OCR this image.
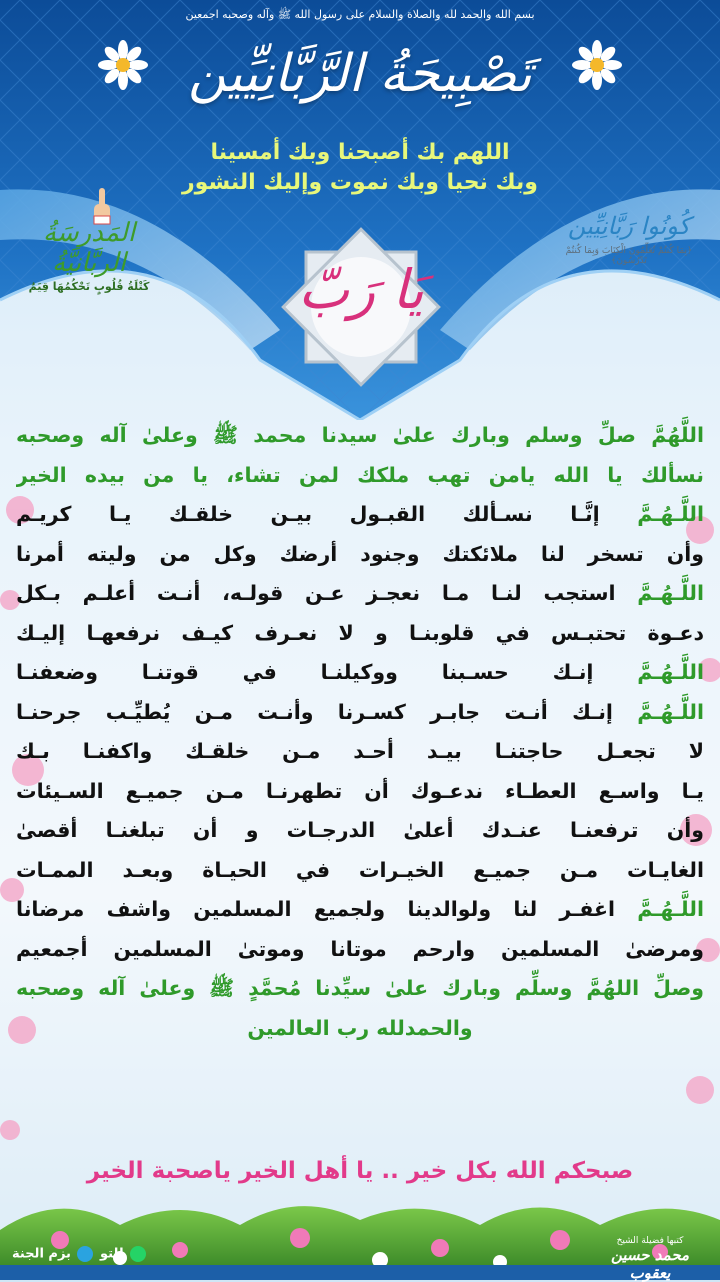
بسم الله والحمد لله والصلاة والسلام على رسول الله ﷺ وآله وصحبه اجمعين
تَصْبِيحَةُ الرَّبَّانِيِّين
اللهم بك أصبحنا وبك أمسينا
وبك نحيا وبك نموت وإليك النشور
المَدرسَةُ الربَّانيَّةُ
كَتْلَةُ قُلُوبٍ تَحْكُمُهَا قِيَمٌ
كُونُوا رَبَّانِيِّين
﴿بِمَا كُنتُمْ تُعَلِّمُونَ الْكِتَابَ وَبِمَا كُنتُمْ تَدْرُسُونَ﴾
يَا رَبّ
اللَّهُمَّ صلِّ وسلم وبارك علىٰ سيدنا محمد ﷺ وعلىٰ آله وصحبه
نسألك يا الله يامن تهب ملكك لمن تشاء، يا من بيده الخير
اللَّـهُـمَّ إنَّـا نسـألك القبـول بيـن خلقـك يـا كريـم
وأن تسخر لنا ملائكتك وجنود أرضك وكل من وليته أمرنا
اللَّـهُـمَّ استجب لنـا مـا نعجـز عـن قولـه، أنـت أعلـم بـكل
دعـوة تحتبـس في قلوبنـا و لا نعـرف كيـف نرفعهـا إليـك
اللَّـهُـمَّ إنـك حسـبنا ووكيلنـا في قوتنـا وضعفنـا
اللَّـهُـمَّ إنـك أنـت جابـر كسـرنا وأنـت مـن يُطيِّـب جرحنـا
لا تجعـل حاجتنـا بيـد أحـد مـن خلقـك واكفنـا بـك
يـا واسـع العطـاء ندعـوك أن تطهرنـا مـن جميـع السـيئات
وأن ترفعنـا عنـدك أعلىٰ الدرجـات و أن تبلغنـا أقصىٰ
الغايـات مـن جميـع الخيـرات في الحيـاة وبعـد الممـات
اللَّـهُـمَّ اغفـر لنا ولوالدينا ولجميع المسلمين واشف مرضانا
ومرضىٰ المسلمين وارحم موتانا وموتىٰ المسلمين أجمعيم
وصلِّ اللهُمَّ وسلِّم وبارك علىٰ سيِّدنا مُحمَّدٍ ﷺ وعلىٰ آله وصحبه
والحمدلله رب العالمين
صبحكم الله بكل خير .. يا أهل الخير ياصحبة الخير
للتو  بزم الجنة
كتبها فضيلة الشيخ
محمد حسين يعقوب
